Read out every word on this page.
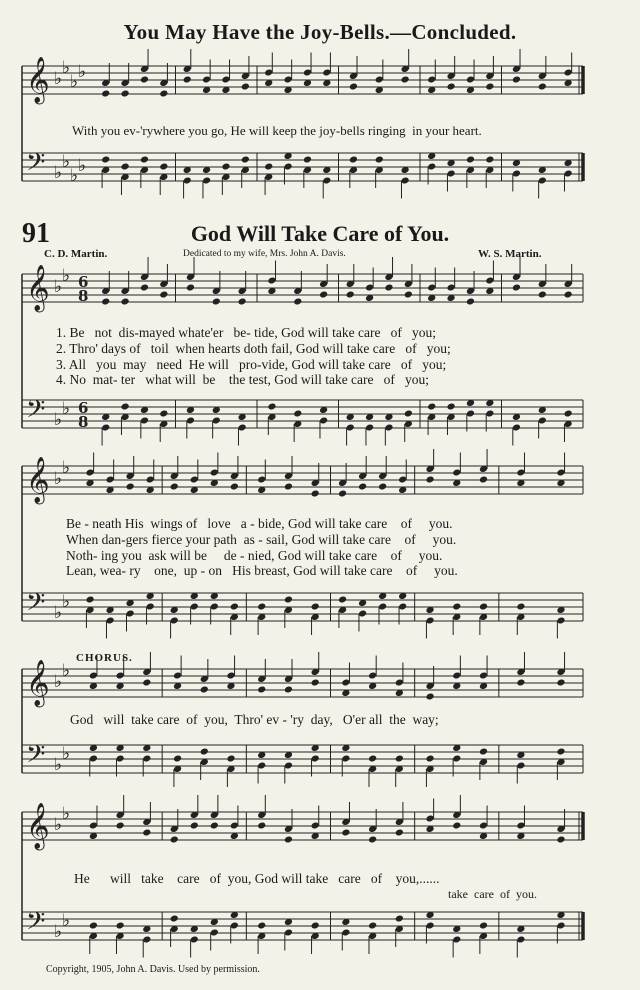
You May Have the Joy-Bells.—Concluded.
91	God Will Take Care of You.
C. D. Martin.	Dedicated to my wife, Mrs. John A. Davis.	W. S. Martin.
With you ev-'rywhere you go, He will keep the joy-bells ringing  in your heart.
1. Be   not  dis-mayed whate'er   be- tide, God will take care   of   you;
2. Thro' days of   toil  when hearts doth fail, God will take care   of   you;
3. All   you  may   need  He will   pro-vide, God will take care   of   you;
4. No  mat- ter   what will  be    the test, God will take care   of   you;
Be - neath His  wings of   love   a - bide, God will take care    of     you.
When dan-gers fierce your path  as - sail, God will take care    of     you.
Noth- ing you  ask will be     de - nied, God will take care    of     you.
Lean, wea- ry    one,  up - on   His breast, God will take care    of     you.
CHORUS.
God   will  take care  of  you,  Thro' ev - 'ry  day,   O'er all  the  way;
He      will   take    care   of  you, God will take   care   of    you,......
take  care  of  you.
Copyright, 1905, John A. Davis. Used by permission.
𝄞
𝄢
♭
♭
♭ ♭
♭
♭
♭ ♭
𝄞
𝄢
♭
♭
♭
♭
6
8
6
8
𝄞
𝄢
♭
♭
♭
♭
𝄞
𝄢
♭
♭
♭
♭
𝄞
𝄢
♭
♭
♭
♭
